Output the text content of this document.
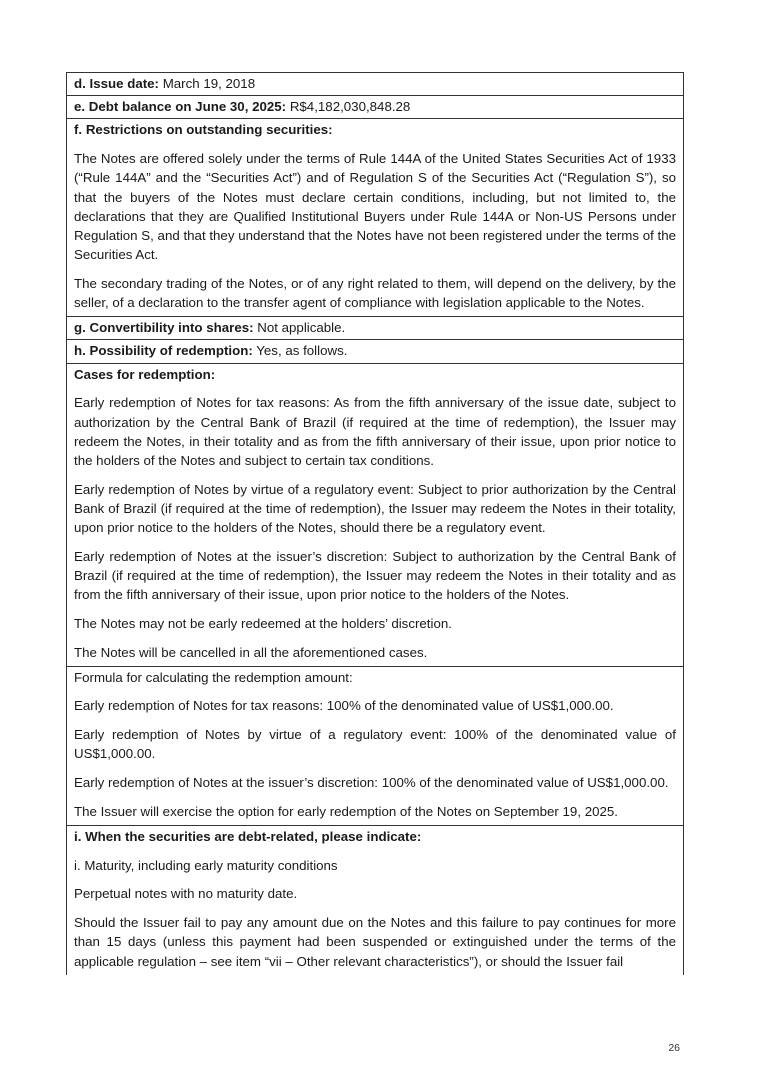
d. Issue date: March 19, 2018
e. Debt balance on June 30, 2025: R$4,182,030,848.28

f. Restrictions on outstanding securities:

The Notes are offered solely under the terms of Rule 144A of the United States Securities Act of 1933 (“Rule 144A” and the “Securities Act”) and of Regulation S of the Securities Act (“Regulation S”), so that the buyers of the Notes must declare certain conditions, including, but not limited to, the declarations that they are Qualified Institutional Buyers under Rule 144A or Non-US Persons under Regulation S, and that they understand that the Notes have not been registered under the terms of the Securities Act.

The secondary trading of the Notes, or of any right related to them, will depend on the delivery, by the seller, of a declaration to the transfer agent of compliance with legislation applicable to the Notes.

g. Convertibility into shares: Not applicable.
h. Possibility of redemption: Yes, as follows.

Cases for redemption:

Early redemption of Notes for tax reasons: As from the fifth anniversary of the issue date, subject to authorization by the Central Bank of Brazil (if required at the time of redemption), the Issuer may redeem the Notes, in their totality and as from the fifth anniversary of their issue, upon prior notice to the holders of the Notes and subject to certain tax conditions.

Early redemption of Notes by virtue of a regulatory event: Subject to prior authorization by the Central Bank of Brazil (if required at the time of redemption), the Issuer may redeem the Notes in their totality, upon prior notice to the holders of the Notes, should there be a regulatory event.

Early redemption of Notes at the issuer’s discretion: Subject to authorization by the Central Bank of Brazil (if required at the time of redemption), the Issuer may redeem the Notes in their totality and as from the fifth anniversary of their issue, upon prior notice to the holders of the Notes.

The Notes may not be early redeemed at the holders’ discretion.

The Notes will be cancelled in all the aforementioned cases.

Formula for calculating the redemption amount:

Early redemption of Notes for tax reasons: 100% of the denominated value of US$1,000.00.

Early redemption of Notes by virtue of a regulatory event: 100% of the denominated value of US$1,000.00.

Early redemption of Notes at the issuer’s discretion: 100% of the denominated value of US$1,000.00.

The Issuer will exercise the option for early redemption of the Notes on September 19, 2025.

i. When the securities are debt-related, please indicate:

i. Maturity, including early maturity conditions

Perpetual notes with no maturity date.

Should the Issuer fail to pay any amount due on the Notes and this failure to pay continues for more than 15 days (unless this payment had been suspended or extinguished under the terms of the applicable regulation – see item “vii – Other relevant characteristics”), or should the Issuer fail

26
